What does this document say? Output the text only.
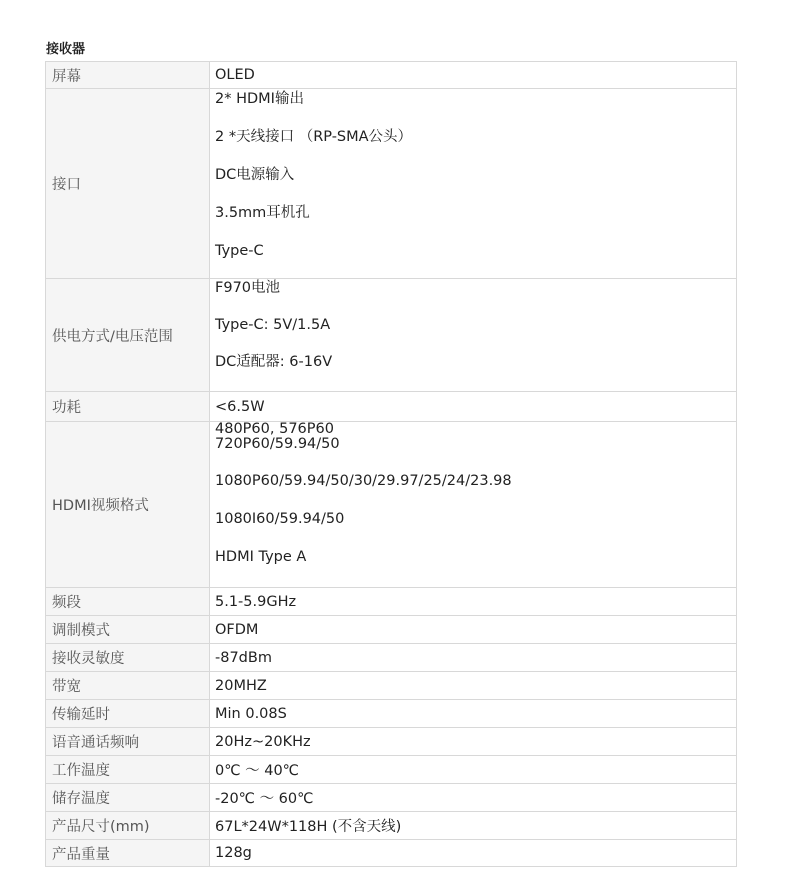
接收器
屏幕	OLED
接口	2* HDMI输出
2 *天线接口 （RP-SMA公头）
DC电源输入
3.5mm耳机孔
Type-C

供电方式/电压范围	F970电池
Type-C: 5V/1.5A
DC适配器: 6-16V

功耗	<6.5W
HDMI视频格式	480P60, 576P60
720P60/59.94/50
1080P60/59.94/50/30/29.97/25/24/23.98
1080I60/59.94/50
HDMI Type A

频段	5.1-5.9GHz
调制模式	OFDM
接收灵敏度	-87dBm
带宽	20MHZ
传输延时	Min 0.08S
语音通话频响	20Hz~20KHz
工作温度	0℃ ～ 40℃
储存温度	-20℃ ～ 60℃
产品尺寸(mm)	67L*24W*118H (不含天线)
产品重量	128g
